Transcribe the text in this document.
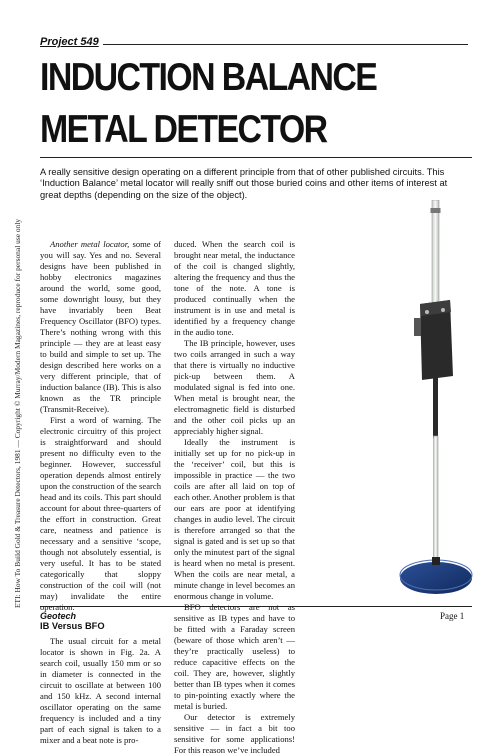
ETI: How To Build Gold & Treasure Detectors, 1981 — Copyright © Murray/Modern Magazines, reproduce for personal use only
Project 549
INDUCTION BALANCE
METAL DETECTOR

A really sensitive design operating on a different principle from that of other published circuits. This ‘Induction Balance’ metal locator will really sniff out those buried coins and other items of interest at great depths (depending on the size of the object).

Another metal locator, some of you will say. Yes and no. Several designs have been published in hobby electronics magazines around the world, some good, some downright lousy, but they have invariably been Beat Frequency Oscillator (BFO) types. There’s nothing wrong with this principle — they are at least easy to build and simple to set up. The design described here works on a very different principle, that of induction balance (IB). This is also known as the TR principle (Transmit-Receive).

First a word of warning. The electronic circuitry of this project is straightforward and should present no difficulty even to the beginner. However, successful operation depends almost entirely upon the construction of the search head and its coils. This part should account for about three-quarters of the effort in construction. Great care, neatness and patience is necessary and a sensitive ‘scope, though not absolutely essential, is very useful. It has to be stated categorically that sloppy construction of the coil will (not may) invalidate the entire operation.

IB Versus BFO

The usual circuit for a metal locator is shown in Fig. 2a. A search coil, usually 150 mm or so in diameter is connected in the circuit to oscillate at between 100 and 150 kHz. A second internal oscillator operating on the same frequency is included and a tiny part of each signal is taken to a mixer and a beat note is pro-

duced. When the search coil is brought near metal, the inductance of the coil is changed slightly, altering the frequency and thus the tone of the note. A tone is produced continually when the instrument is in use and metal is identified by a frequency change in the audio tone.

The IB principle, however, uses two coils arranged in such a way that there is virtually no inductive pick-up between them. A modulated signal is fed into one. When metal is brought near, the electromagnetic field is disturbed and the other coil picks up an appreciably higher signal.

Ideally the instrument is initially set up for no pick-up in the ‘receiver’ coil, but this is impossible in practice — the two coils are after all laid on top of each other. Another problem is that our ears are poor at identifying changes in audio level. The circuit is therefore arranged so that the signal is gated and is set up so that only the minutest part of the signal is heard when no metal is present. When the coils are near metal, a minute change in level becomes an enormous change in volume.

BFO detectors are not as sensitive as IB types and have to be fitted with a Faraday screen (beware of those which aren’t — they’re practically useless) to reduce capacitive effects on the coil. They are, however, slightly better than IB types when it comes to pin-pointing exactly where the metal is buried.

Our detector is extremely sensitive — in fact a bit too sensitive for some applications! For this reason we’ve included

Geotech	Page 1
